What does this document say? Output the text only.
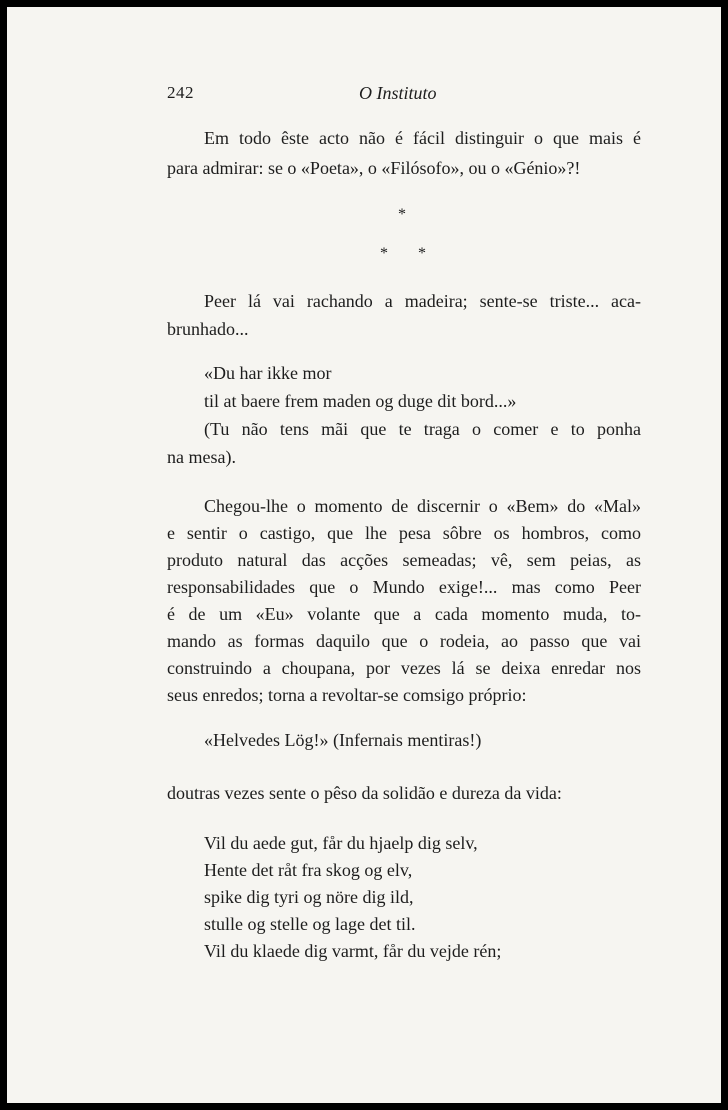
242	O Instituto
Em todo êste acto não é fácil distinguir o que mais é
para admirar: se o «Poeta», o «Filósofo», ou o «Génio»?!
*
* *
Peer lá vai rachando a madeira; sente-se triste... aca-
brunhado...
«Du har ikke mor
til at baere frem maden og duge dit bord...»
(Tu não tens mãi que te traga o comer e to ponha
na mesa).
Chegou-lhe o momento de discernir o «Bem» do «Mal»
e sentir o castigo, que lhe pesa sôbre os hombros, como
produto natural das acções semeadas; vê, sem peias, as
responsabilidades que o Mundo exige!... mas como Peer
é de um «Eu» volante que a cada momento muda, to-
mando as formas daquilo que o rodeia, ao passo que vai
construindo a choupana, por vezes lá se deixa enredar nos
seus enredos; torna a revoltar-se comsigo próprio:
«Helvedes Lög!» (Infernais mentiras!)
doutras vezes sente o pêso da solidão e dureza da vida:
Vil du aede gut, får du hjaelp dig selv,
Hente det råt fra skog og elv,
spike dig tyri og nöre dig ild,
stulle og stelle og lage det til.
Vil du klaede dig varmt, får du vejde rén;
